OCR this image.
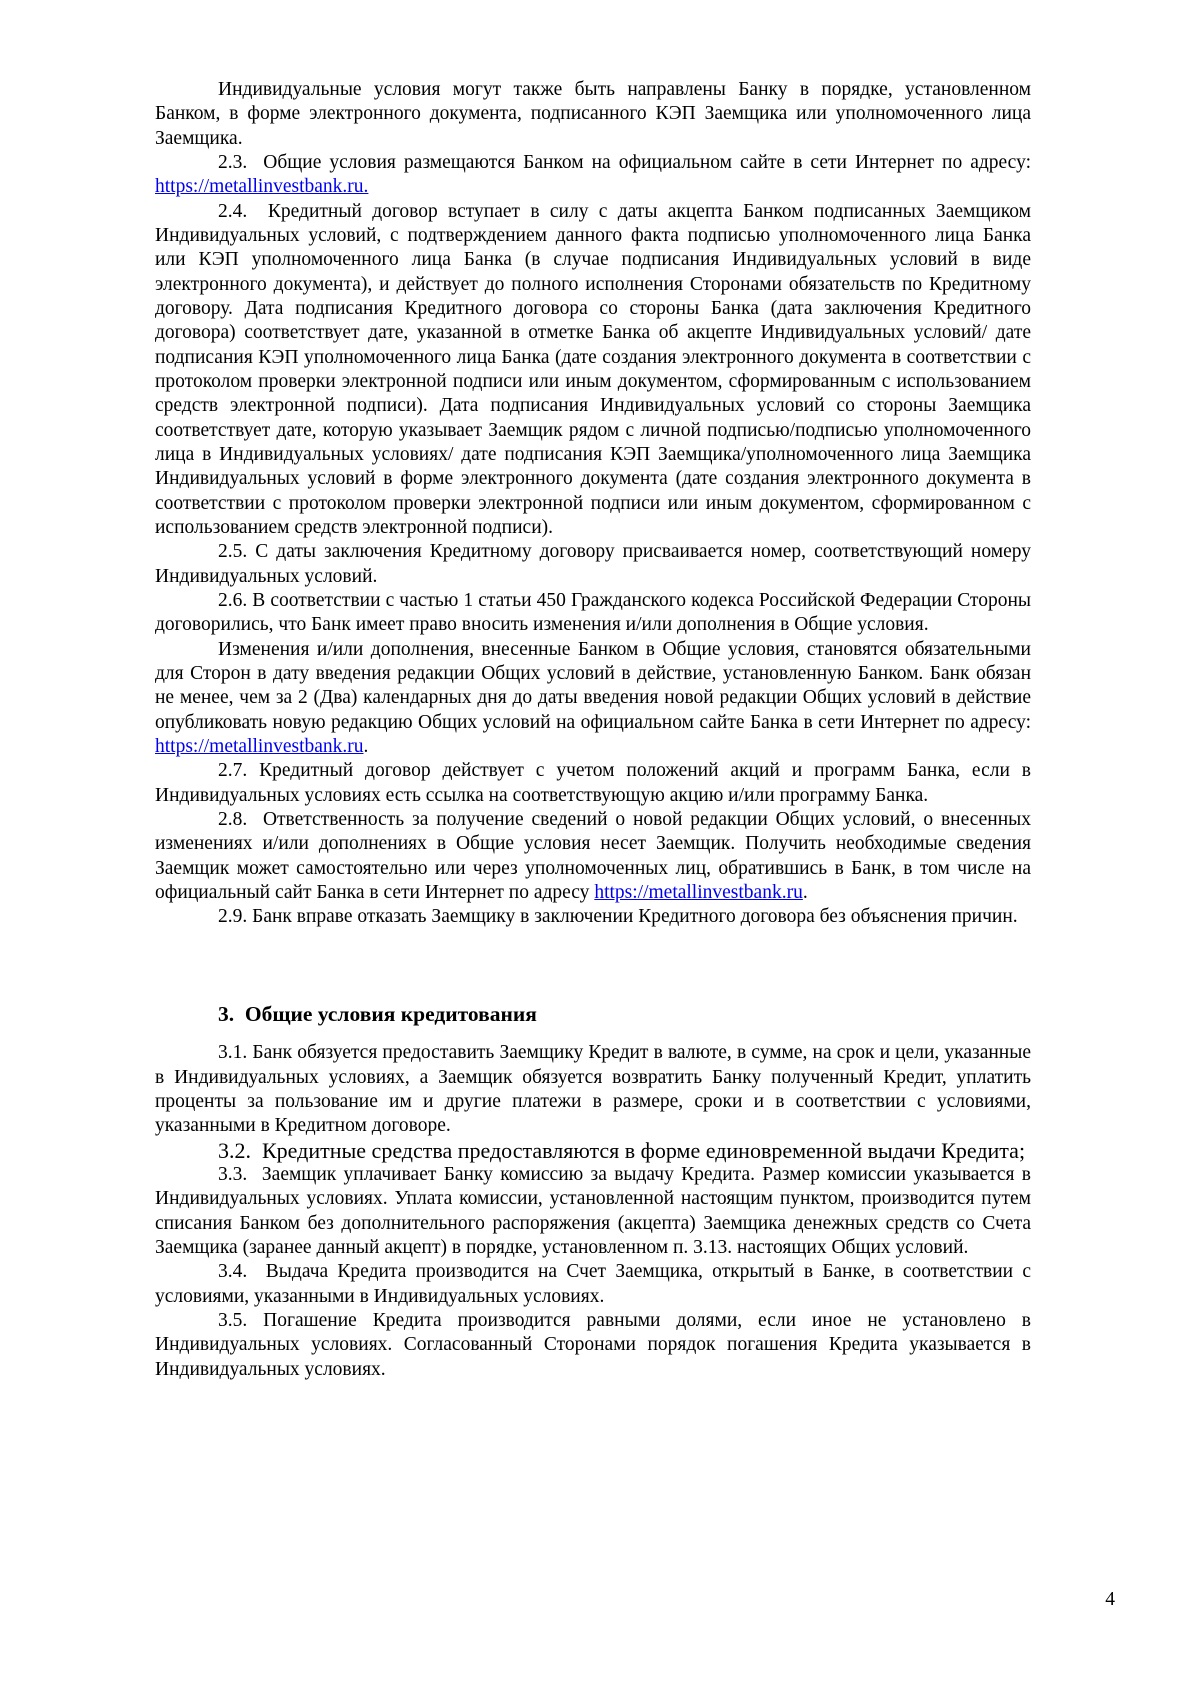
Индивидуальные условия могут также быть направлены Банку в порядке, установленном Банком, в форме электронного документа, подписанного КЭП Заемщика или уполномоченного лица Заемщика.

2.3.  Общие условия размещаются Банком на официальном сайте в сети Интернет по адресу: https://metallinvestbank.ru.

2.4.  Кредитный договор вступает в силу с даты акцепта Банком подписанных Заемщиком Индивидуальных условий, с подтверждением данного факта подписью уполномоченного лица Банка или КЭП уполномоченного лица Банка (в случае подписания Индивидуальных условий в виде электронного документа), и действует до полного исполнения Сторонами обязательств по Кредитному договору. Дата подписания Кредитного договора со стороны Банка (дата заключения Кредитного договора) соответствует дате, указанной в отметке Банка об акцепте Индивидуальных условий/ дате подписания КЭП уполномоченного лица Банка (дате создания электронного документа в соответствии с протоколом проверки электронной подписи или иным документом, сформированным с использованием средств электронной подписи). Дата подписания Индивидуальных условий со стороны Заемщика соответствует дате, которую указывает Заемщик рядом с личной подписью/подписью уполномоченного лица в Индивидуальных условиях/ дате подписания КЭП Заемщика/уполномоченного лица Заемщика Индивидуальных условий в форме электронного документа (дате создания электронного документа в соответствии с протоколом проверки электронной подписи или иным документом, сформированном с использованием средств электронной подписи).

2.5. С даты заключения Кредитному договору присваивается номер, соответствующий номеру Индивидуальных условий.

2.6. В соответствии с частью 1 статьи 450 Гражданского кодекса Российской Федерации Стороны договорились, что Банк имеет право вносить изменения и/или дополнения в Общие условия.

Изменения и/или дополнения, внесенные Банком в Общие условия, становятся обязательными для Сторон в дату введения редакции Общих условий в действие, установленную Банком. Банк обязан не менее, чем за 2 (Два) календарных дня до даты введения новой редакции Общих условий в действие опубликовать новую редакцию Общих условий на официальном сайте Банка в сети Интернет по адресу: https://metallinvestbank.ru.

2.7. Кредитный договор действует с учетом положений акций и программ Банка, если в Индивидуальных условиях есть ссылка на соответствующую акцию и/или программу Банка.

2.8.  Ответственность за получение сведений о новой редакции Общих условий, о внесенных изменениях и/или дополнениях в Общие условия несет Заемщик. Получить необходимые сведения Заемщик может самостоятельно или через уполномоченных лиц, обратившись в Банк, в том числе на официальный сайт Банка в сети Интернет по адресу https://metallinvestbank.ru.

2.9. Банк вправе отказать Заемщику в заключении Кредитного договора без объяснения причин.

3.  Общие условия кредитования

3.1. Банк обязуется предоставить Заемщику Кредит в валюте, в сумме, на срок и цели, указанные в Индивидуальных условиях, а Заемщик обязуется возвратить Банку полученный Кредит, уплатить проценты за пользование им и другие платежи в размере, сроки и в соответствии с условиями, указанными в Кредитном договоре.

3.2.  Кредитные средства предоставляются в форме единовременной выдачи Кредита;

3.3.  Заемщик уплачивает Банку комиссию за выдачу Кредита. Размер комиссии указывается в Индивидуальных условиях. Уплата комиссии, установленной настоящим пунктом, производится путем списания Банком без дополнительного распоряжения (акцепта) Заемщика денежных средств со Счета Заемщика (заранее данный акцепт) в порядке, установленном п. 3.13. настоящих Общих условий.

3.4.  Выдача Кредита производится на Счет Заемщика, открытый в Банке, в соответствии с условиями, указанными в Индивидуальных условиях.

3.5. Погашение Кредита производится равными долями, если иное не установлено в Индивидуальных условиях. Согласованный Сторонами порядок погашения Кредита указывается в Индивидуальных условиях.

4
